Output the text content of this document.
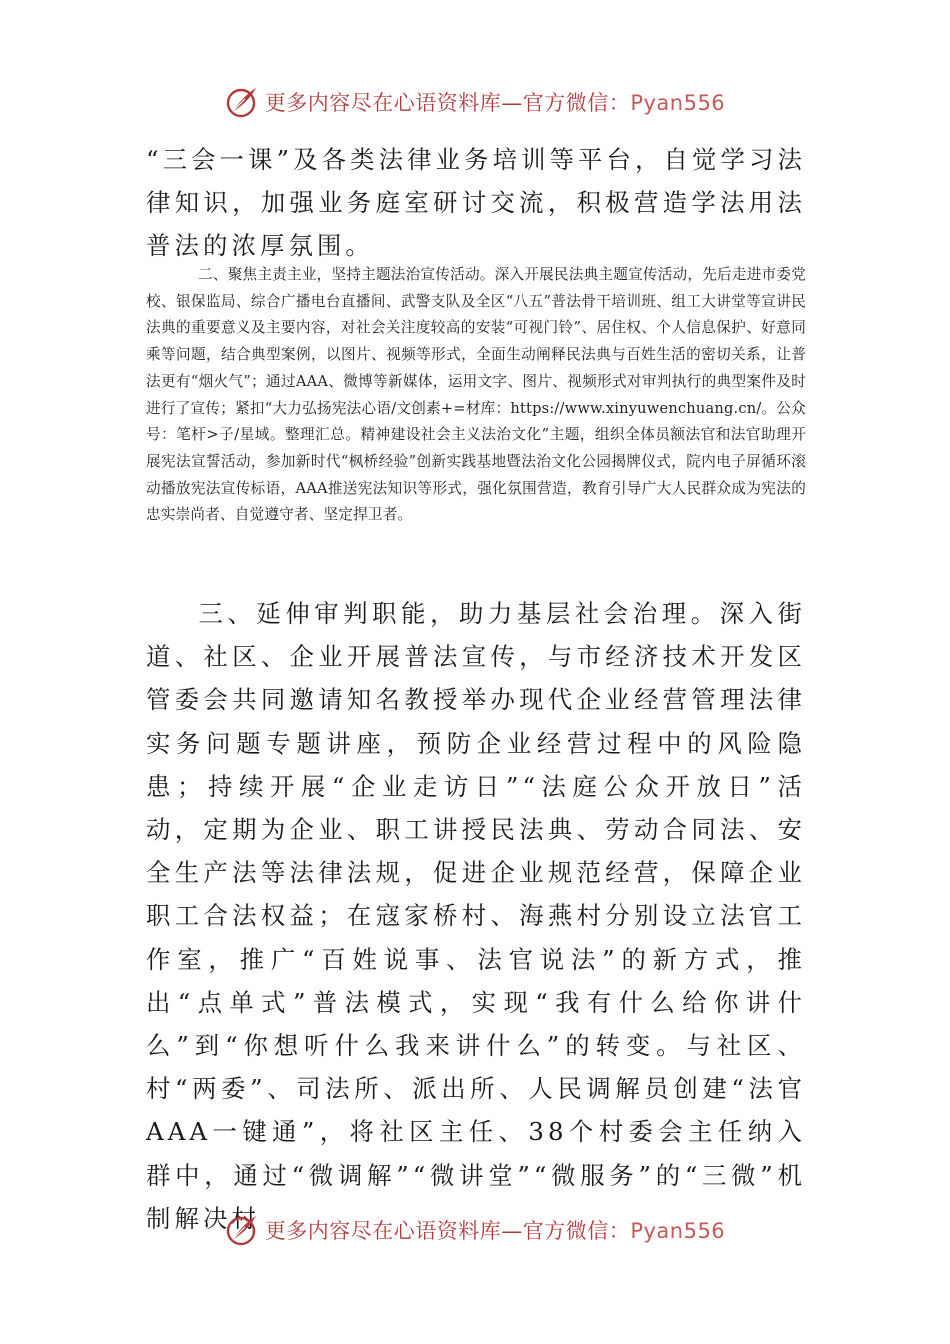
更多内容尽在心语资料库—官方微信：Pyan556

“三会一课”及各类法律业务培训等平台，自觉学习法律知识，加强业务庭室研讨交流，积极营造学法用法普法的浓厚氛围。

二、聚焦主责主业，坚持主题法治宣传活动。深入开展民法典主题宣传活动，先后走进市委党校、银保监局、综合广播电台直播间、武警支队及全区“八五”普法骨干培训班、组工大讲堂等宣讲民法典的重要意义及主要内容，对社会关注度较高的安装“可视门铃”、居住权、个人信息保护、好意同乘等问题，结合典型案例，以图片、视频等形式，全面生动阐释民法典与百姓生活的密切关系，让普法更有“烟火气”；通过AAA、微博等新媒体，运用文字、图片、视频形式对审判执行的典型案件及时进行了宣传；紧扣“大力弘扬宪法心语/文创素+=材库：https://www.xinyuwenchuang.cn/。公众号：笔杆>子/星域。整理汇总。精神建设社会主义法治文化”主题，组织全体员额法官和法官助理开展宪法宣誓活动，参加新时代“枫桥经验”创新实践基地暨法治文化公园揭牌仪式，院内电子屏循环滚动播放宪法宣传标语，AAA推送宪法知识等形式，强化氛围营造，教育引导广大人民群众成为宪法的忠实崇尚者、自觉遵守者、坚定捍卫者。

三、延伸审判职能，助力基层社会治理。深入街道、社区、企业开展普法宣传，与市经济技术开发区管委会共同邀请知名教授举办现代企业经营管理法律实务问题专题讲座，预防企业经营过程中的风险隐患；持续开展“企业走访日”“法庭公众开放日”活动，定期为企业、职工讲授民法典、劳动合同法、安全生产法等法律法规，促进企业规范经营，保障企业职工合法权益；在寇家桥村、海燕村分别设立法官工作室，推广“百姓说事、法官说法”的新方式，推出“点单式”普法模式，实现“我有什么给你讲什么”到“你想听什么我来讲什么”的转变。与社区、村“两委”、司法所、派出所、人民调解员创建“法官AAA一键通”，将社区主任、38个村委会主任纳入群中，通过“微调解”“微讲堂”“微服务”的“三微”机制解决村 更多内容尽在心语资料库—官方微信：Pyan556
